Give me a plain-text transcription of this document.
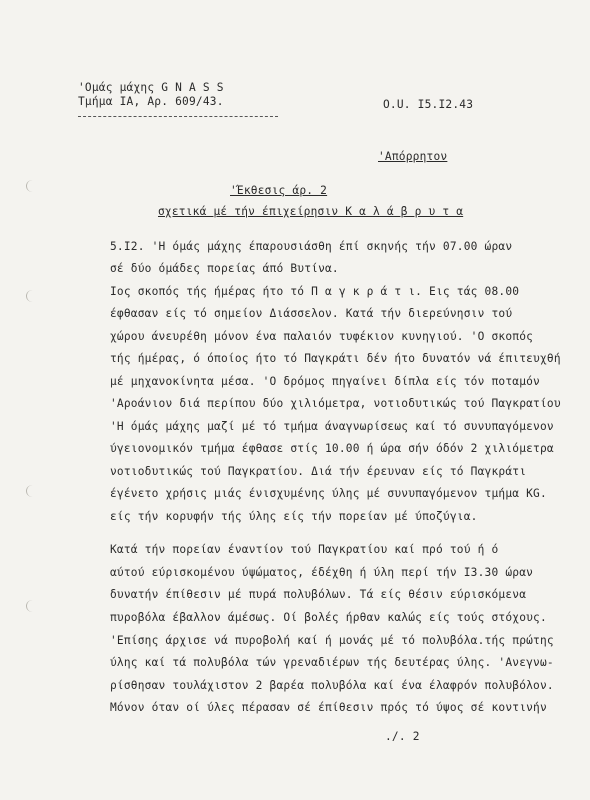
'Ομάς μάχης G N A S S
Τμήμα ΙΑ, Αρ. 609/43.	O.U. I5.I2.43
'Απόρρητον
'Έκθεσις άρ. 2
σχετικά μέ τήν έπιχείρησιν Κ α λ ά β ρ υ τ α
5.I2. 'Η όμάς μάχης έπαρουσιάσθη έπί σκηνής τήν 07.00 ώραν
σέ δύο όμάδες πορείας άπό Βυτίνα.
Ιος σκοπός τής ήμέρας ήτο τό Π α γ κ ρ ά τ ι. Εις τάς 08.00
έφθασαν είς τό σημείον Διάσσελον. Κατά τήν διερεύνησιν τού
χώρου άνευρέθη μόνον ένα παλαιόν τυφέκιον κυνηγιού. 'Ο σκοπός
τής ήμέρας, ό όποίος ήτο τό Παγκράτι δέν ήτο δυνατόν νά έπιτευχθή
μέ μηχανοκίνητα μέσα. 'Ο δρόμος πηγαίνει δίπλα είς τόν ποταμόν
'Αροάνιον διά περίπου δύο χιλιόμετρα, νοτιοδυτικώς τού Παγκρατίου
'Η όμάς μάχης μαζί μέ τό τμήμα άναγνωρίσεως καί τό συνυπαγόμενον
ύγειονομικόν τμήμα έφθασε στίς 10.00 ή ώρα σήν όδόν 2 χιλιόμετρα
νοτιοδυτικώς τού Παγκρατίου. Διά τήν έρευναν είς τό Παγκράτι
έγένετο χρήσις μιάς ένισχυμένης ύλης μέ συνυπαγόμενον τμήμα KG.
είς τήν κορυφήν τής ύλης είς τήν πορείαν μέ ύποζύγια.
Κατά τήν πορείαν έναντίον τού Παγκρατίου καί πρό τού ή ό
αύτού εύρισκομένου ύψώματος, έδέχθη ή ύλη περί τήν I3.30 ώραν
δυνατήν έπίθεσιν μέ πυρά πολυβόλων. Τά είς θέσιν εύρισκόμενα
πυροβόλα έβαλλον άμέσως. Οί βολές ήρθαν καλώς είς τούς στόχους.
'Επίσης άρχισε νά πυροβολή καί ή μονάς μέ τό πολυβόλα.τής πρώτης
ύλης καί τά πολυβόλα τών γρεναδιέρων τής δευτέρας ύλης. 'Ανεγνω-
ρίσθησαν τουλάχιστον 2 βαρέα πολυβόλα καί ένα έλαφρόν πολυβόλον.
Μόνον όταν οί ύλες πέρασαν σέ έπίθεσιν πρός τό ύψος σέ κοντινήν
./. 2
